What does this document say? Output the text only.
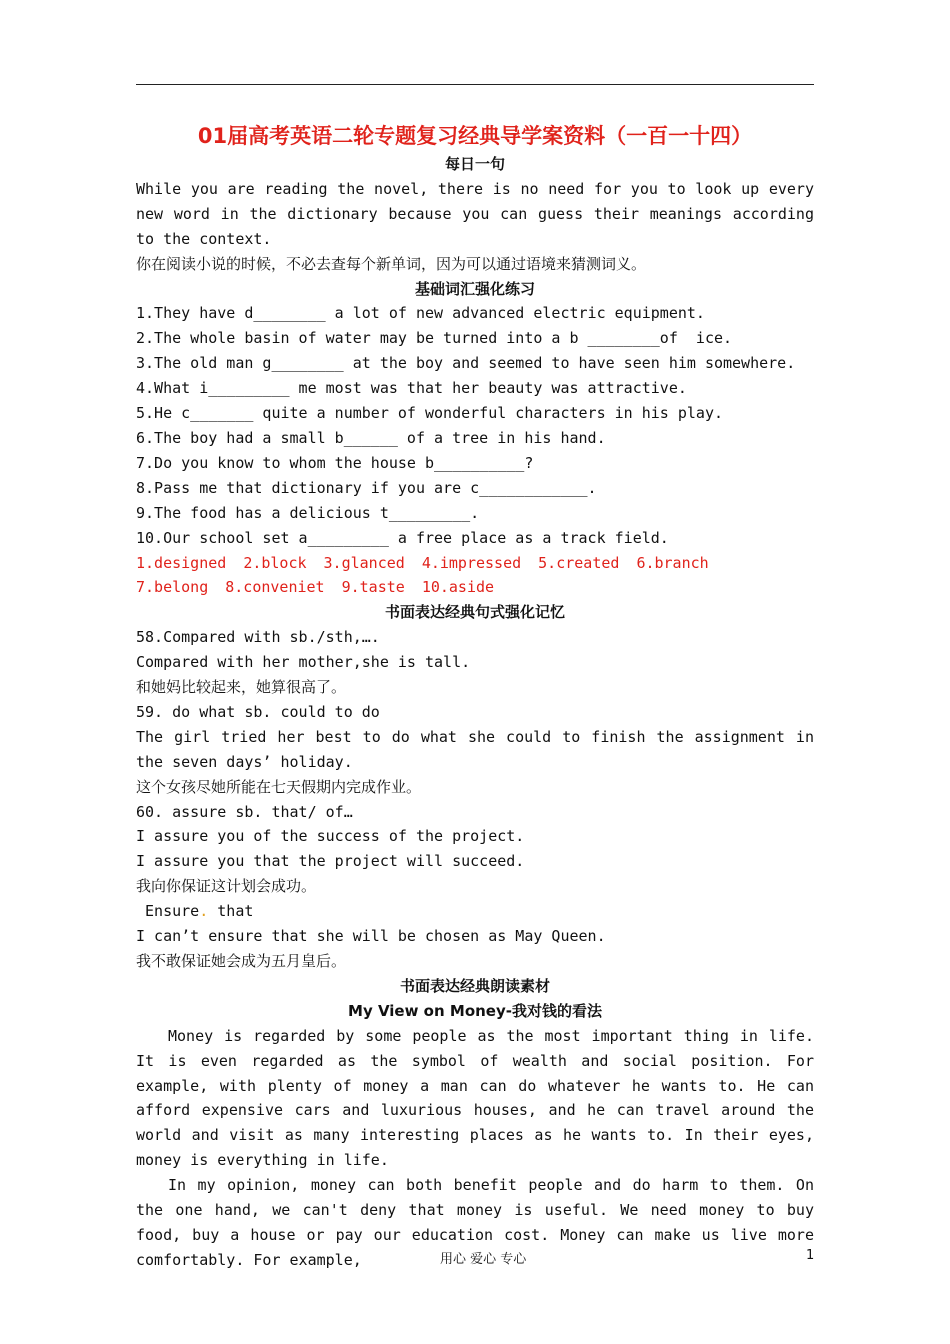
01届高考英语二轮专题复习经典导学案资料（一百一十四）
每日一句
While you are reading the novel, there is no need for you to look up every new word in the dictionary because you can guess their meanings according to the context.
你在阅读小说的时候，不必去查每个新单词，因为可以通过语境来猜测词义。
基础词汇强化练习
1.They have d________ a lot of new advanced electric equipment.
2.The whole basin of water may be turned into a b ________of  ice.
3.The old man g________ at the boy and seemed to have seen him somewhere.
4.What i_________ me most was that her beauty was attractive.
5.He c_______ quite a number of wonderful characters in his play.
6.The boy had a small b______ of a tree in his hand.
7.Do you know to whom the house b__________?
8.Pass me that dictionary if you are c____________.
9.The food has a delicious t_________.
10.Our school set a_________ a free place as a track field.
1.designed 2.block 3.glanced 4.impressed 5.created 6.branch
7.belong 8.conveniet 9.taste 10.aside
书面表达经典句式强化记忆
58.Compared with sb./sth,….
Compared with her mother,she is tall.
和她妈比较起来，她算很高了。
59. do what sb. could to do
The girl tried her best to do what she could to finish the assignment in the seven days’ holiday.
这个女孩尽她所能在七天假期内完成作业。
60. assure sb. that/ of…
I assure you of the success of the project.
I assure you that the project will succeed.
我向你保证这计划会成功。
Ensure. that
I can’t ensure that she will be chosen as May Queen.
我不敢保证她会成为五月皇后。
书面表达经典朗读素材
My View on Money-我对钱的看法
Money is regarded by some people as the most important thing in life. It is even regarded as the symbol of wealth and social position. For example, with plenty of money a man can do whatever he wants to. He can afford expensive cars and luxurious houses, and he can travel around the world and visit as many interesting places as he wants to. In their eyes, money is everything in life.
In my opinion, money can both benefit people and do harm to them. On the one hand, we can't deny that money is useful. We need money to buy food, buy a house or pay our education cost. Money can make us live more comfortably. For example,	用心 爱心 专心	1
